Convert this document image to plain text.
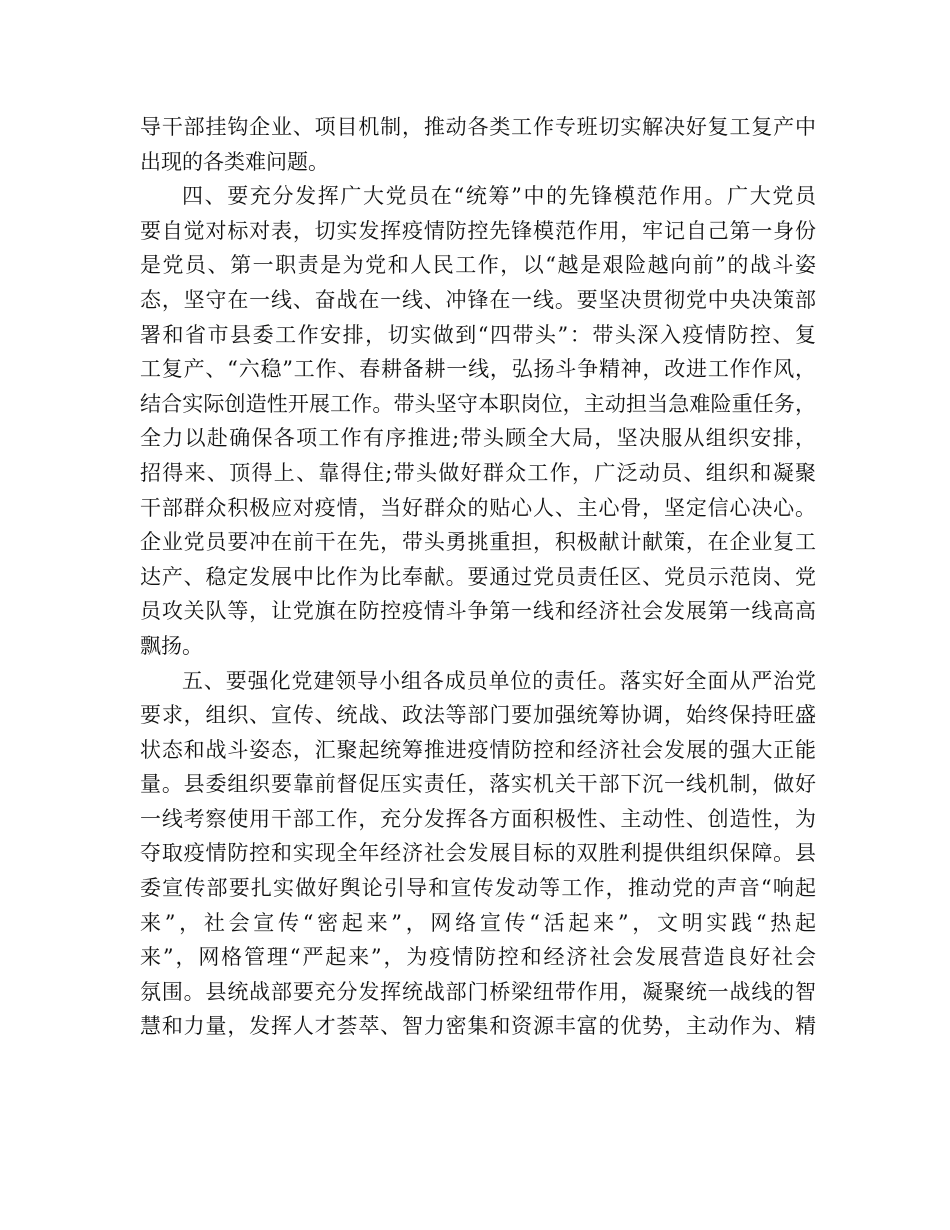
导干部挂钩企业、项目机制，推动各类工作专班切实解决好复工复产中
出现的各类难问题。
四、要充分发挥广大党员在“统筹”中的先锋模范作用。广大党员
要自觉对标对表，切实发挥疫情防控先锋模范作用，牢记自己第一身份
是党员、第一职责是为党和人民工作，以“越是艰险越向前”的战斗姿
态，坚守在一线、奋战在一线、冲锋在一线。要坚决贯彻党中央决策部
署和省市县委工作安排，切实做到“四带头”：带头深入疫情防控、复
工复产、“六稳”工作、春耕备耕一线，弘扬斗争精神，改进工作作风，
结合实际创造性开展工作。带头坚守本职岗位，主动担当急难险重任务，
全力以赴确保各项工作有序推进;带头顾全大局，坚决服从组织安排，
招得来、顶得上、靠得住;带头做好群众工作，广泛动员、组织和凝聚
干部群众积极应对疫情，当好群众的贴心人、主心骨，坚定信心决心。
企业党员要冲在前干在先，带头勇挑重担，积极献计献策，在企业复工
达产、稳定发展中比作为比奉献。要通过党员责任区、党员示范岗、党
员攻关队等，让党旗在防控疫情斗争第一线和经济社会发展第一线高高
飘扬。
五、要强化党建领导小组各成员单位的责任。落实好全面从严治党
要求，组织、宣传、统战、政法等部门要加强统筹协调，始终保持旺盛
状态和战斗姿态，汇聚起统筹推进疫情防控和经济社会发展的强大正能
量。县委组织要靠前督促压实责任，落实机关干部下沉一线机制，做好
一线考察使用干部工作，充分发挥各方面积极性、主动性、创造性，为
夺取疫情防控和实现全年经济社会发展目标的双胜利提供组织保障。县
委宣传部要扎实做好舆论引导和宣传发动等工作，推动党的声音“响起
来”，社会宣传“密起来”，网络宣传“活起来”，文明实践“热起
来”，网格管理“严起来”，为疫情防控和经济社会发展营造良好社会
氛围。县统战部要充分发挥统战部门桥梁纽带作用，凝聚统一战线的智
慧和力量，发挥人才荟萃、智力密集和资源丰富的优势，主动作为、精
